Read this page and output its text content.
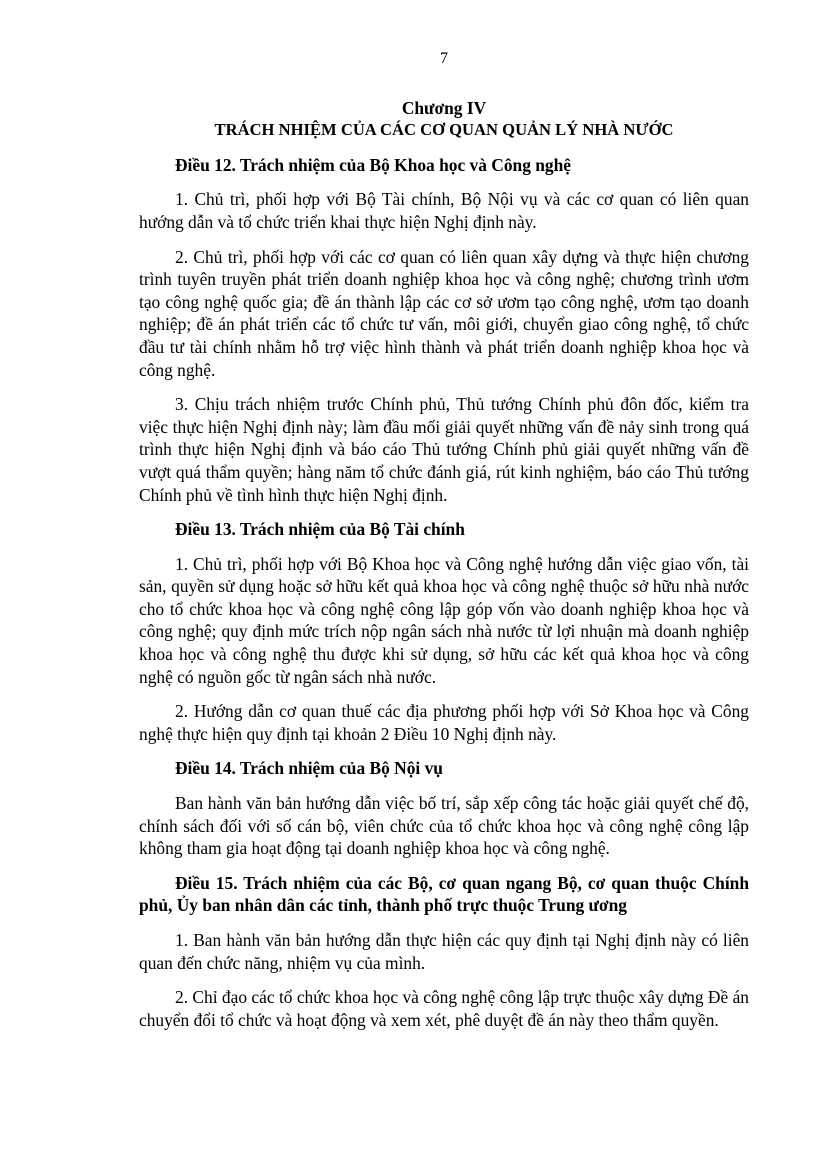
7

Chương IV

TRÁCH NHIỆM CỦA CÁC CƠ QUAN QUẢN LÝ NHÀ NƯỚC

Điều 12. Trách nhiệm của Bộ Khoa học và Công nghệ

1. Chủ trì, phối hợp với Bộ Tài chính, Bộ Nội vụ và các cơ quan có liên quan hướng dẫn và tổ chức triển khai thực hiện Nghị định này.

2. Chủ trì, phối hợp với các cơ quan có liên quan xây dựng và thực hiện chương trình tuyên truyền phát triển doanh nghiệp khoa học và công nghệ; chương trình ươm tạo công nghệ quốc gia; đề án thành lập các cơ sở ươm tạo công nghệ, ươm tạo doanh nghiệp; đề án phát triển các tổ chức tư vấn, môi giới, chuyển giao công nghệ, tổ chức đầu tư tài chính nhằm hỗ trợ việc hình thành và phát triển doanh nghiệp khoa học và công nghệ.

3. Chịu trách nhiệm trước Chính phủ, Thủ tướng Chính phủ đôn đốc, kiểm tra việc thực hiện Nghị định này; làm đầu mối giải quyết những vấn đề nảy sinh trong quá trình thực hiện Nghị định và báo cáo Thủ tướng Chính phủ giải quyết những vấn đề vượt quá thẩm quyền; hàng năm tổ chức đánh giá, rút kinh nghiệm, báo cáo Thủ tướng Chính phủ về tình hình thực hiện Nghị định.

Điều 13. Trách nhiệm của Bộ Tài chính

1. Chủ trì, phối hợp với Bộ Khoa học và Công nghệ hướng dẫn việc giao vốn, tài sản, quyền sử dụng hoặc sở hữu kết quả khoa học và công nghệ thuộc sở hữu nhà nước cho tổ chức khoa học và công nghệ công lập góp vốn vào doanh nghiệp khoa học và công nghệ; quy định mức trích nộp ngân sách nhà nước từ lợi nhuận mà doanh nghiệp khoa học và công nghệ thu được khi sử dụng, sở hữu các kết quả khoa học và công nghệ có nguồn gốc từ ngân sách nhà nước.

2. Hướng dẫn cơ quan thuế các địa phương phối hợp với Sở Khoa học và Công nghệ thực hiện quy định tại khoản 2 Điều 10 Nghị định này.

Điều 14. Trách nhiệm của Bộ Nội vụ

Ban hành văn bản hướng dẫn việc bố trí, sắp xếp công tác hoặc giải quyết chế độ, chính sách đối với số cán bộ, viên chức của tổ chức khoa học và công nghệ công lập không tham gia hoạt động tại doanh nghiệp khoa học và công nghệ.

Điều 15. Trách nhiệm của các Bộ, cơ quan ngang Bộ, cơ quan thuộc Chính phủ, Ủy ban nhân dân các tỉnh, thành phố trực thuộc Trung ương

1. Ban hành văn bản hướng dẫn thực hiện các quy định tại Nghị định này có liên quan đến chức năng, nhiệm vụ của mình.

2. Chỉ đạo các tổ chức khoa học và công nghệ công lập trực thuộc xây dựng Đề án chuyển đổi tổ chức và hoạt động và xem xét, phê duyệt đề án này theo thẩm quyền.
